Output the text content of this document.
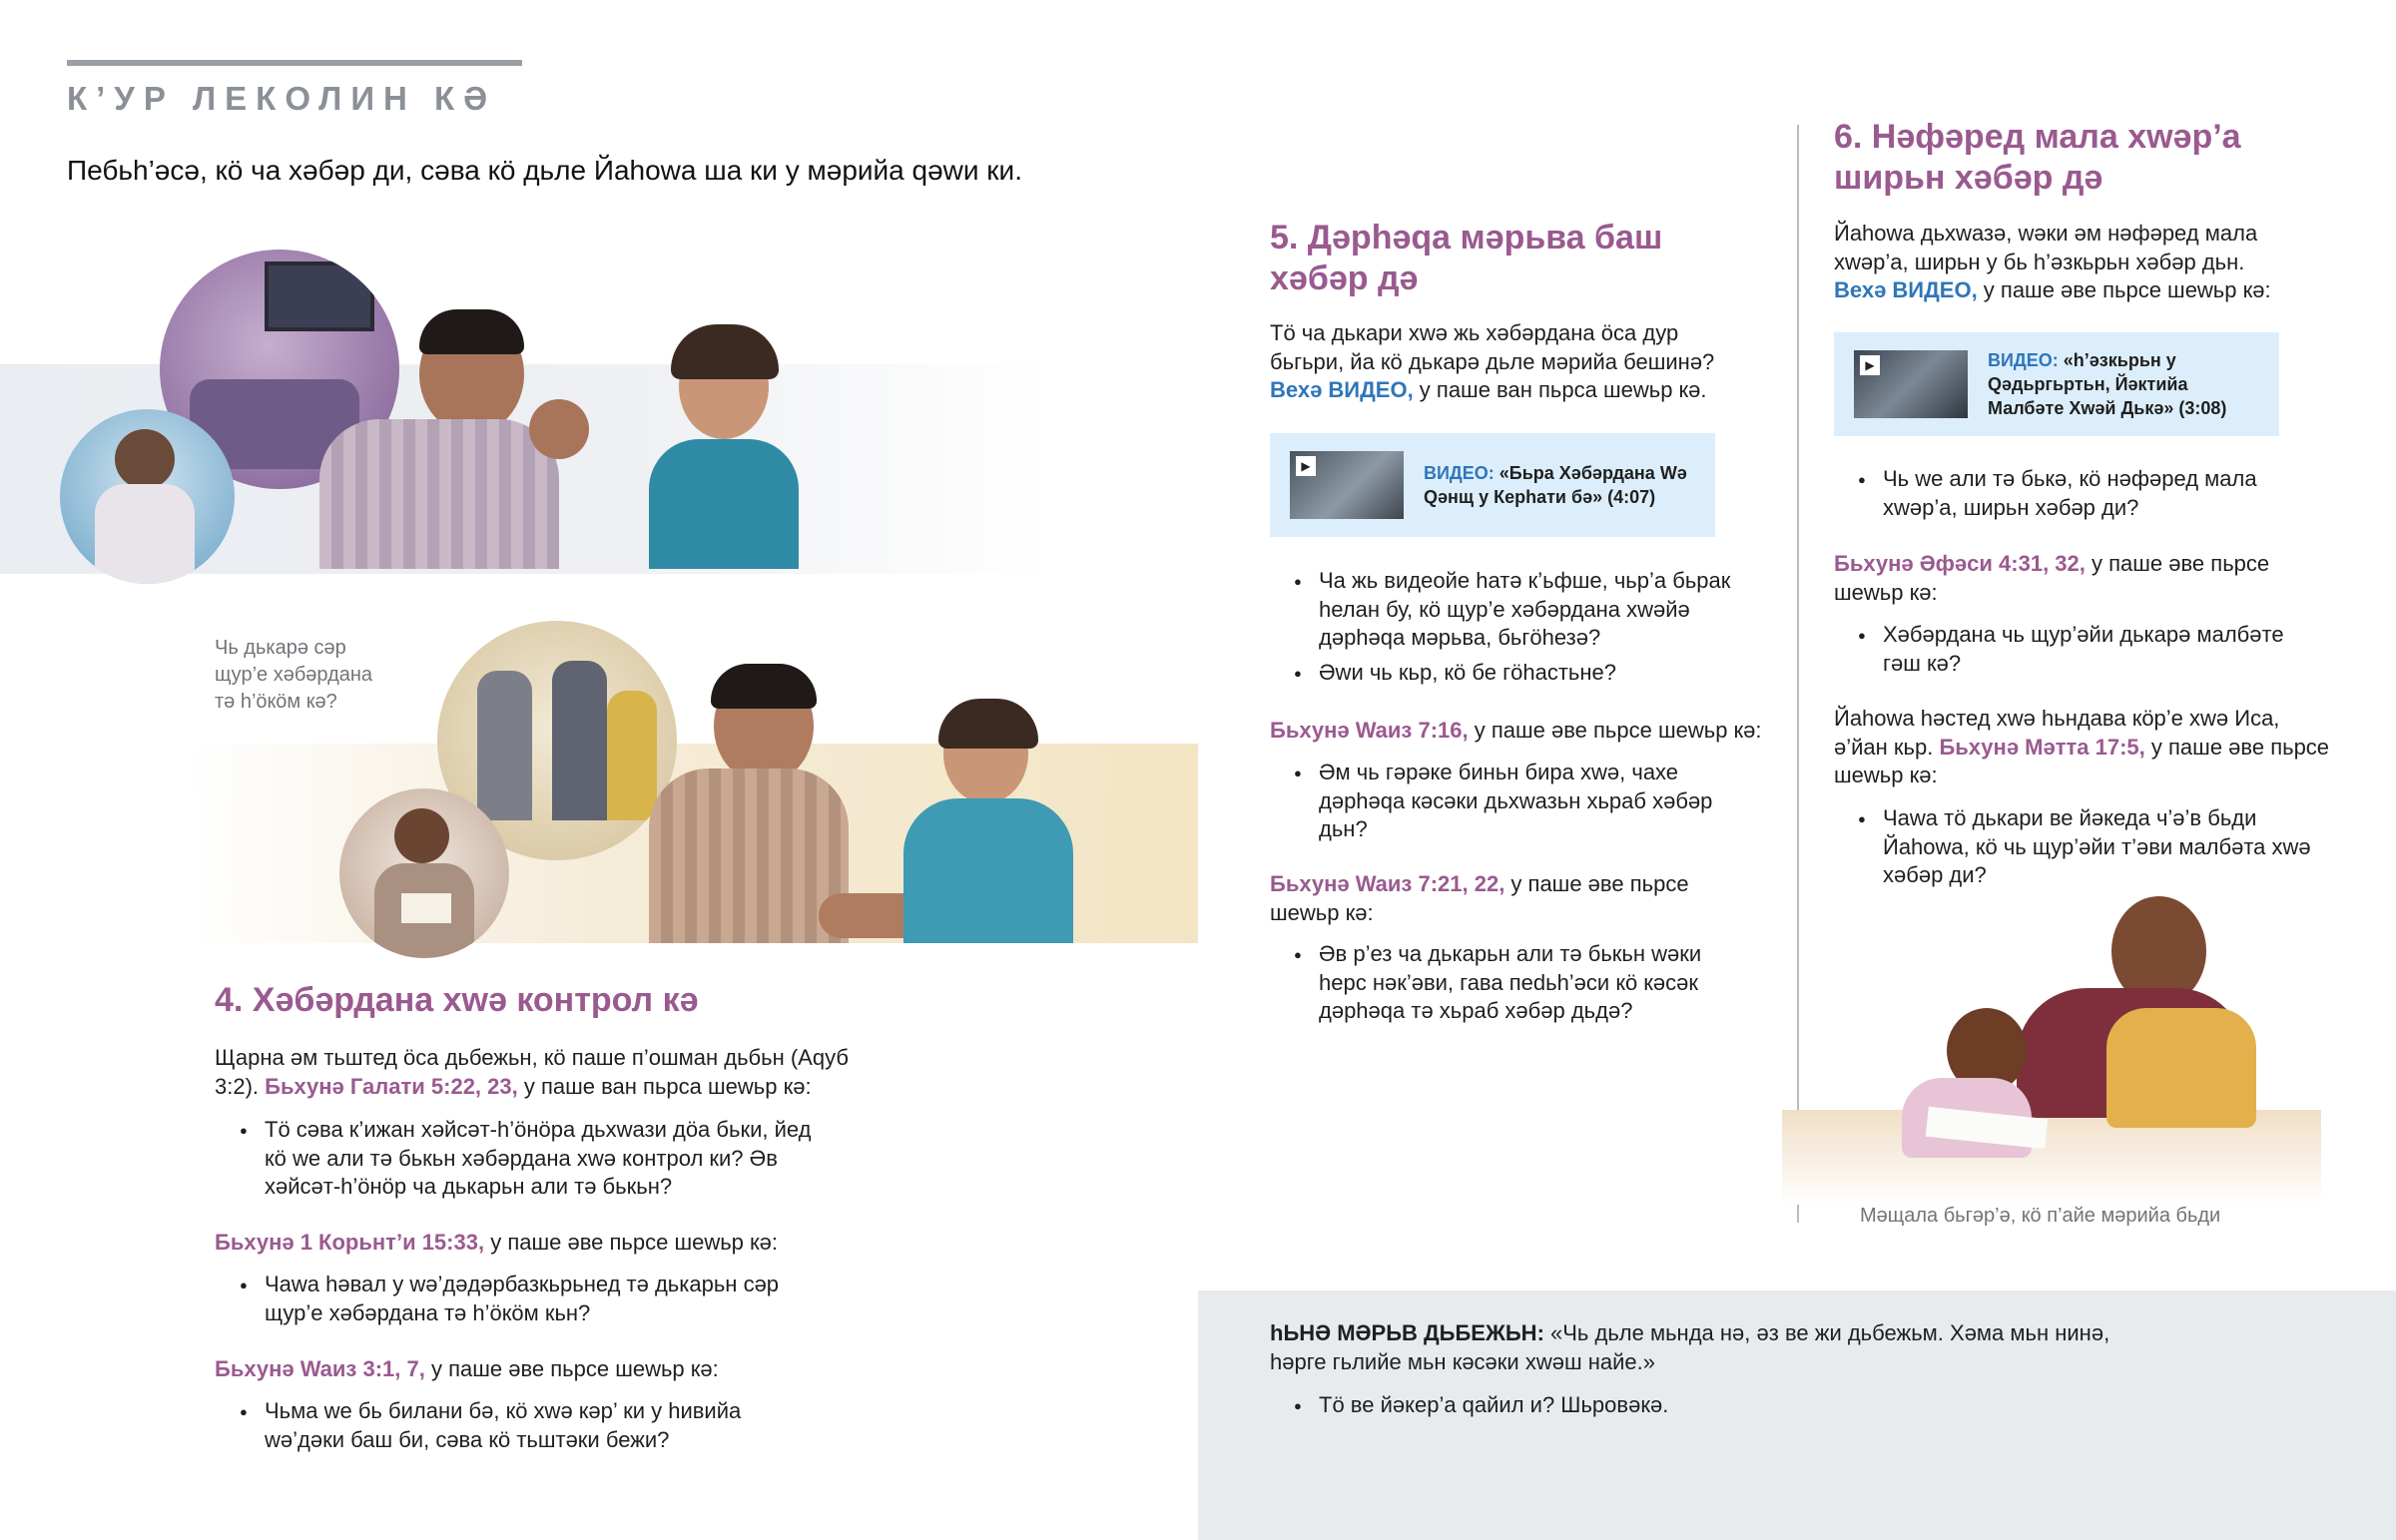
К’УР ЛЕКОЛИН КӘ
Пебьh’әсә, кӧ ча хәбәр ди, сәва кӧ дьле Йаhowa ша ки у мәрийа qәwи ки.
Чь дькарә сәр щур’е хәбәрдана тә h’ӧкӧм кә?
4. Хәбәрдана хwә контрол кә
Щарна әм тьштед ӧса дьбежьн, кӧ паше п’ошман дьбьн (Аqуб 3:2). Бьхунә Галати 5:22, 23, у паше ван пьрса шеwьр кә:
● Тӧ сәва к’ижан хәйсәт-h’ӧнӧра дьхwази дӧа бьки, йед кӧ wе али тә бькьн хәбәрдана хwә контрол ки? Әв хәйсәт-h’ӧнӧр ча дькарьн али тә бькьн?
Бьхунә 1 Корьнт’и 15:33, у паше әве пьрсе шеwьр кә:
● Чаwа hәвал у wә’дәдәрбазкьрьнед тә дькарьн сәр щур’е хәбәрдана тә h’ӧкӧм кьн?
Бьхунә Waиз 3:1, 7, у паше әве пьрсе шеwьр кә:
● Чьма wе бь билани бә, кӧ хwә кәр’ ки у hивийа wә’дәки баш би, сәва кӧ тьштәки бежи?
5. Дәрhәqа мәрьва баш хәбәр дә
Тӧ ча дькари хwә жь хәбәрдана ӧса дур бьгьри, йа кӧ дькарә дьле мәрийа бешинә? Вехә ВИДЕО, у паше ван пьрса шеwьр кә.
▶	ВИДЕО: «Бьра Хәбәрдана Wә Qәнщ у Керhати бә» (4:07)
● Ча жь видеойе hатә к’ьфше, чьр’а бьрак hелан бу, кӧ щур’е хәбәрдана хwәйә дәрhәqа мәрьва, бьгӧhезә?
● Әwи чь кьр, кӧ бе гӧhастьне?
Бьхунә Waиз 7:16, у паше әве пьрсе шеwьр кә:
● Әм чь гәрәке биньн бира хwә, чахе дәрhәqа кәсәки дьхwазьн хьраб хәбәр дьн?
Бьхунә Waиз 7:21, 22, у паше әве пьрсе шеwьр кә:
● Әв р’ез ча дькарьн али тә бькьн wәки hерс нәк’әви, гава пеdьh’әси кӧ кәсәк дәрhәqа тә хьраб хәбәр дьдә?
6. Нәфәред мала хwәр’а ширьн хәбәр дә
Йаhowa дьхwазә, wәки әм нәфәред мала хwәр’а, ширьн у бь h’әзкьрьн хәбәр дьн. Вехә ВИДЕО, у паше әве пьрсе шеwьр кә:
▶	ВИДЕО: «h’әзкьрьн у Qәдьргьртьн, Йәктийа Малбәте Хwәй Дькә» (3:08)
● Чь wе али тә бькә, кӧ нәфәред мала хwәр’а, ширьн хәбәр ди?
Бьхунә Әфәси 4:31, 32, у паше әве пьрсе шеwьр кә:
● Хәбәрдана чь щур’әйи дькарә малбәте гәш кә?
Йаhowa hәстед хwә hьндава кӧр’е хwә Иса, ә’йан кьр. Бьхунә Мәтта 17:5, у паше әве пьрсе шеwьр кә:
● Чаwа тӧ дькари ве йәкеда ч’ә’в бьди Йаhowa, кӧ чь щур’әйи т’әви малбәта хwә хәбәр ди?
Мәщала бьгәр’ә, кӧ п’айе мәрийа бьди
hЬНӘ МӘРЬВ ДЬБЕЖЬН: «Чь дьле мьнда нә, әз ве жи дьбежьм. Хәма мьн нинә, hәрге гьлийе мьн кәсәки хwәш найе.»
● Тӧ ве йәкер’а qайил и? Шьровәкә.
